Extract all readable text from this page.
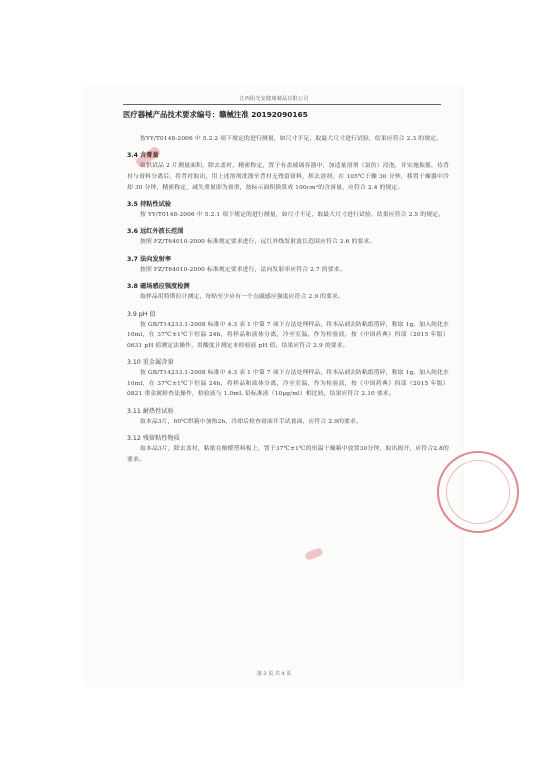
江西阳光安健康制品有限公司
医疗器械产品技术要求编号：赣械注准 20192090165
按YY/T0148-2006 中 5.2.2 项下规定的进行测量，如尺寸不足，取最大尺寸进行试验，结果应符合 2.3 的规定。
3.4 含膏量
取供试品 2 片测量面积，除去盖衬，精密称定，置于有盖玻璃容器中，加适量溶剂（氯仿）浸泡，并实施振摇，待背衬与膏料分离后，将背衬取出，用上述溶剂洗涤至背衬无残留膏料，挥去溶剂，在 105℃干燥 30 分钟，移置于燥器中冷却 30 分钟，精密称定，减失重量即为膏重，按标示面积换算成 100cm²的含膏量，应符合 2.4 的规定。
3.5 持粘性试验
按 YY/T0148-2006 中 5.2.1 项下规定的进行测量，如尺寸不足，取最大尺寸进行试验，结果应符合 2.5 的规定。
3.6 远红外波长范围
按照 FZ/T64010-2000 标准规定要求进行，远红外线发射波长范围应符合 2.6 的要求。
3.7 法向发射率
按照 FZ/T64010-2000 标准规定要求进行，法向发射率应符合 2.7 的要求。
3.8 磁场感应强度检测
取样品用特斯拉计测定，每贴至少应有一个点磁感应强度应符合 2.9 的要求。
3.9 pH 值
按 GB/T14233.1-2008 标准中 4.3 表 1 中第 7 项下方法处理样品，将本品剥去防粘纸剪碎，称取 1g，加入纯化水 10ml，在 37℃±1℃下恒温 24h，将样品和液体分离，冷至室温，作为检验液，按《中国药典》四部（2015 年版）0631 pH 值测定法操作，用酸度计测定本检验液 pH 值，结果应符合 2.9 的要求。
3.10 重金属含量
按 GB/T14233.1-2008 标准中 4.3 表 1 中第 7 项下方法处理样品，将本品剥去防粘纸剪碎，称取 1g，加入纯化水 10ml，在 37℃±1℃下恒温 24h，将样品和液体分离，冷至室温，作为检验液，按《中国药典》四部（2015 年版）0821 重金属检查法操作，检验液与 1.0mL 铅标准液（10μg/ml）相比较，结果应符合 2.10 要求。
3.11 耐热性试验
取本品3片，60℃烘箱中加热2h，冷却后检查膏面并手试膏面，应符合 2.9的要求。
3.12 残留粘性物质
取本品3片，除去盖衬，粘贴在酚醛塑料板上，置于37℃±1℃的恒温干燥箱中放置30分钟，取出揭开，应符合2.8的要求。
第 3 页 共 4 页
